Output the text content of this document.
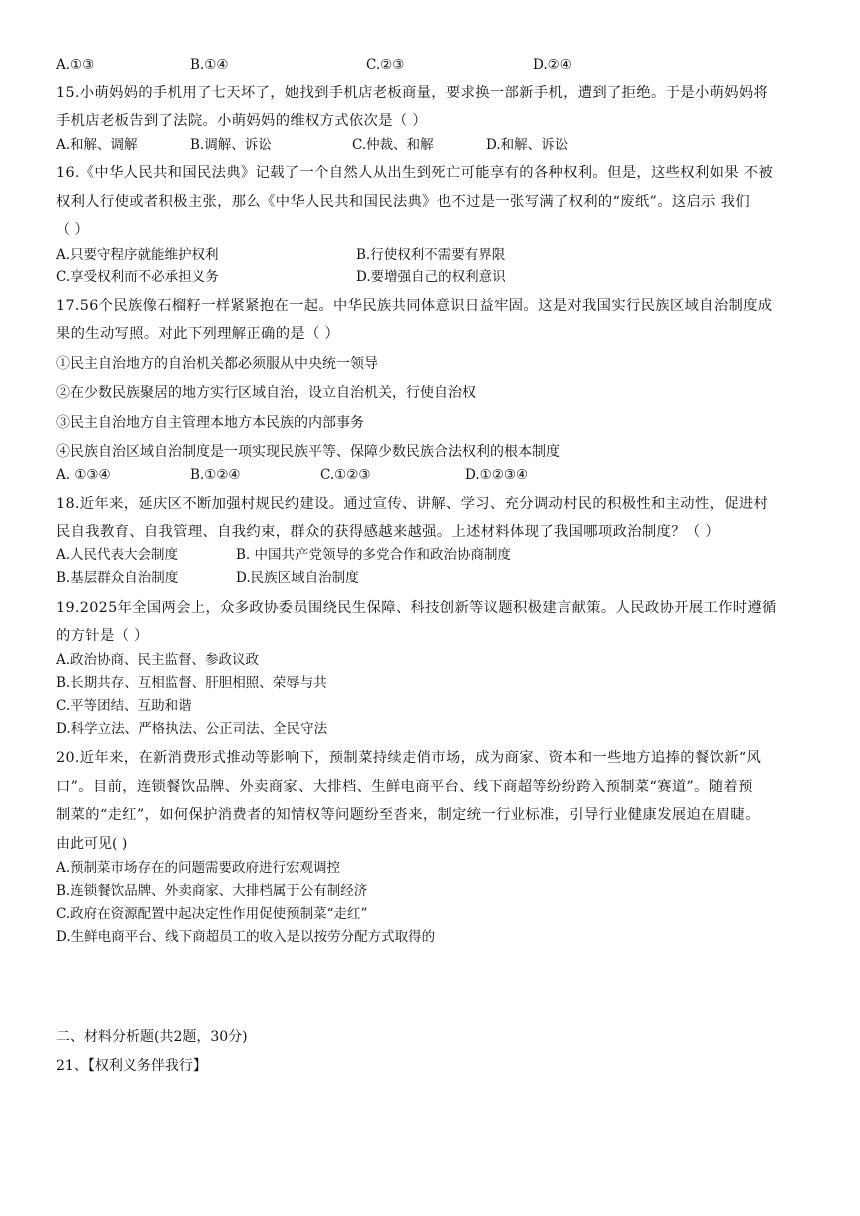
A.①③	B.①④	C.②③	D.②④
15.小萌妈妈的手机用了七天坏了，她找到手机店老板商量，要求换一部新手机，遭到了拒绝。于是小萌妈妈将
手机店老板告到了法院。小萌妈妈的维权方式依次是（ ）
A.和解、调解	B.调解、诉讼	C.仲裁、和解	D.和解、诉讼
16.《中华人民共和国民法典》记载了一个自然人从出生到死亡可能享有的各种权利。但是，这些权利如果 不被
权利人行使或者积极主张，那么《中华人民共和国民法典》也不过是一张写满了权利的“废纸”。这启示 我们
（ ）
A.只要守程序就能维护权利	B.行使权利不需要有界限
C.享受权利而不必承担义务	D.要增强自己的权利意识
17.56个民族像石榴籽一样紧紧抱在一起。中华民族共同体意识日益牢固。这是对我国实行民族区域自治制度成
果的生动写照。对此下列理解正确的是（ ）
①民主自治地方的自治机关都必须服从中央统一领导
②在少数民族聚居的地方实行区域自治，设立自治机关，行使自治权
③民主自治地方自主管理本地方本民族的内部事务
④民族自治区域自治制度是一项实现民族平等、保障少数民族合法权利的根本制度
A. ①③④	B.①②④	C.①②③	D.①②③④
18.近年来，延庆区不断加强村规民约建设。通过宣传、讲解、学习、充分调动村民的积极性和主动性，促进村
民自我教育、自我管理、自我约束，群众的获得感越来越强。上述材料体现了我国哪项政治制度？（ ）
A.人民代表大会制度	B. 中国共产党领导的多党合作和政治协商制度
B.基层群众自治制度	D.民族区域自治制度
19.2025年全国两会上，众多政协委员围绕民生保障、科技创新等议题积极建言献策。人民政协开展工作时遵循
的方针是（ ）
A.政治协商、民主监督、参政议政
B.长期共存、互相监督、肝胆相照、荣辱与共
C.平等团结、互助和谐
D.科学立法、严格执法、公正司法、全民守法
20.近年来，在新消费形式推动等影响下，预制菜持续走俏市场，成为商家、资本和一些地方追捧的餐饮新“风
口”。目前，连锁餐饮品牌、外卖商家、大排档、生鲜电商平台、线下商超等纷纷跨入预制菜“赛道”。随着预
制菜的“走红”，如何保护消费者的知情权等问题纷至沓来，制定统一行业标准，引导行业健康发展迫在眉睫。
由此可见( )
A.预制菜市场存在的问题需要政府进行宏观调控
B.连锁餐饮品牌、外卖商家、大排档属于公有制经济
C.政府在资源配置中起决定性作用促使预制菜“走红”
D.生鲜电商平台、线下商超员工的收入是以按劳分配方式取得的
二、材料分析题(共2题，30分)
21、【权利义务伴我行】
